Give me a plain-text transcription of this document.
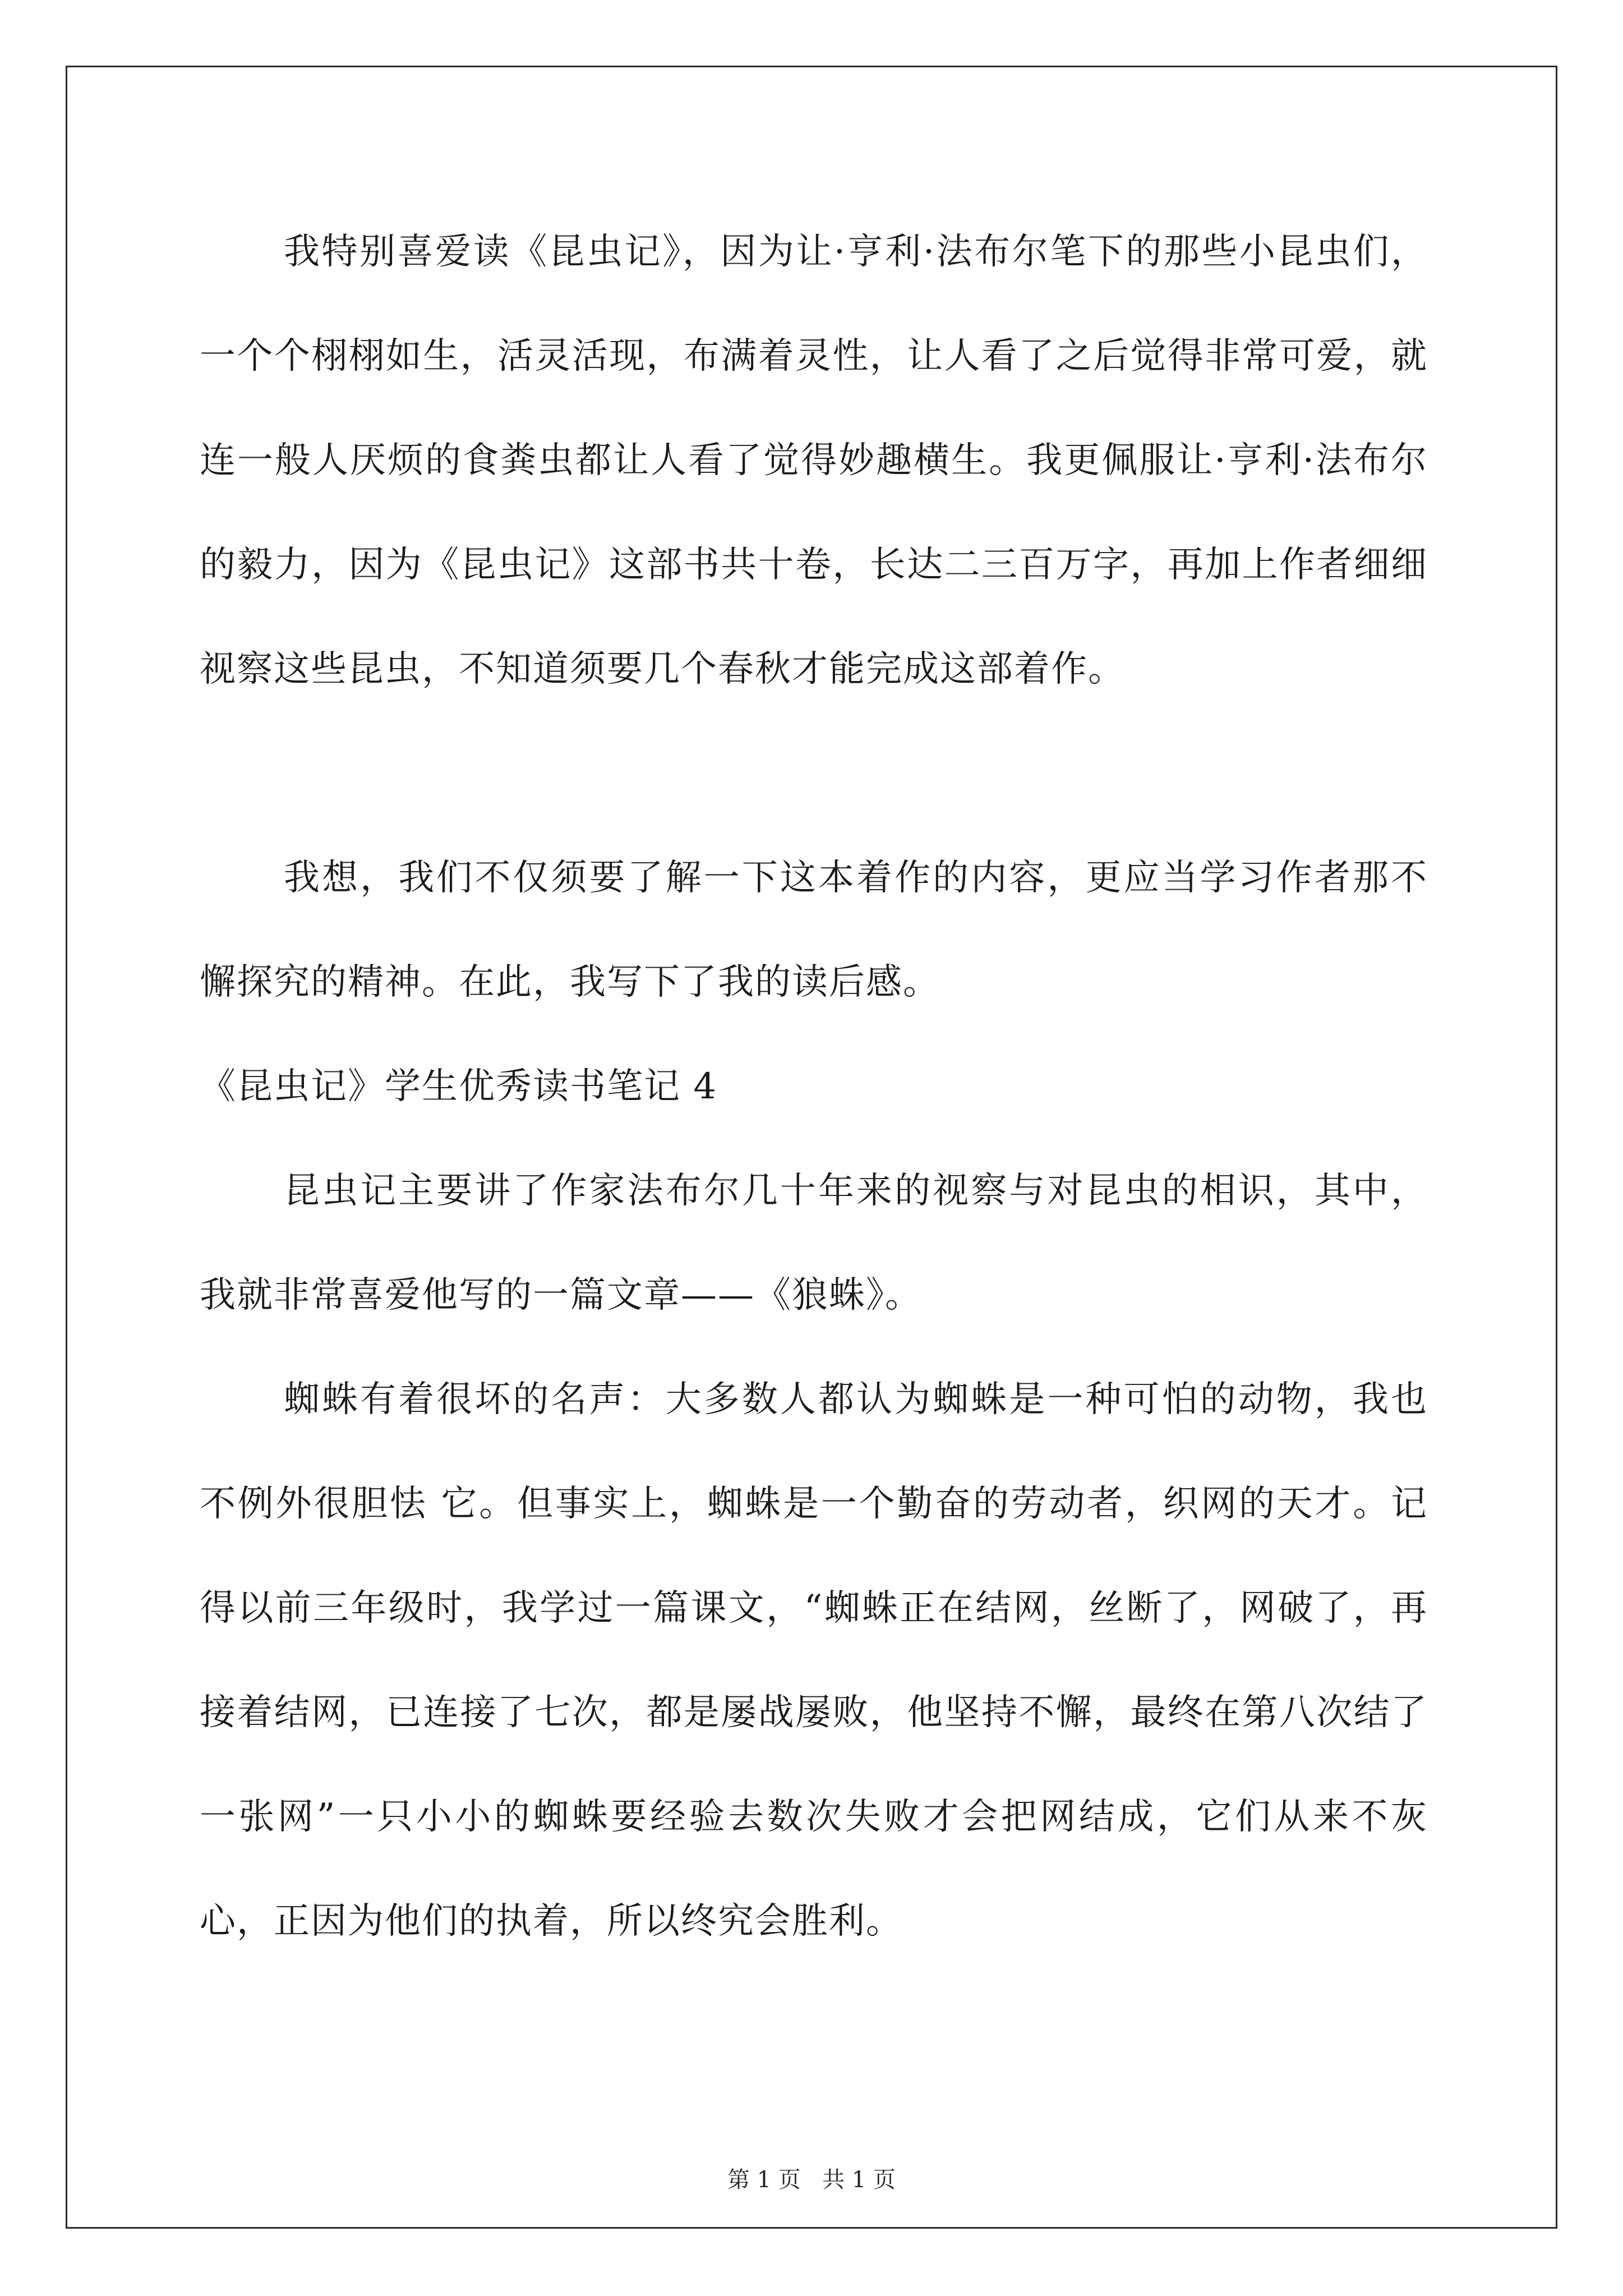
我特别喜爱读《昆虫记》，因为让·亨利·法布尔笔下的那些小昆虫们，一个个栩栩如生，活灵活现，布满着灵性，让人看了之后觉得非常可爱，就连一般人厌烦的食粪虫都让人看了觉得妙趣横生。我更佩服让·亨利·法布尔的毅力，因为《昆虫记》这部书共十卷，长达二三百万字，再加上作者细细视察这些昆虫，不知道须要几个春秋才能完成这部着作。

我想，我们不仅须要了解一下这本着作的内容，更应当学习作者那不懈探究的精神。在此，我写下了我的读后感。

昆虫记主要讲了作家法布尔几十年来的视察与对昆虫的相识，其中，我就非常喜爱他写的一篇文章——《狼蛛》。

蜘蛛有着很坏的名声：大多数人都认为蜘蛛是一种可怕的动物，我也不例外很胆怯 它。但事实上，蜘蛛是一个勤奋的劳动者，织网的天才。记得以前三年级时，我学过一篇课文，“蜘蛛正在结网，丝断了，网破了，再接着结网，已连接了七次，都是屡战屡败，他坚持不懈，最终在第八次结了一张网”一只小小的蜘蛛要经验去数次失败才会把网结成，它们从来不灰心，正因为他们的执着，所以终究会胜利。

《昆虫记》学生优秀读书笔记 4

第 1 页   共 1 页
